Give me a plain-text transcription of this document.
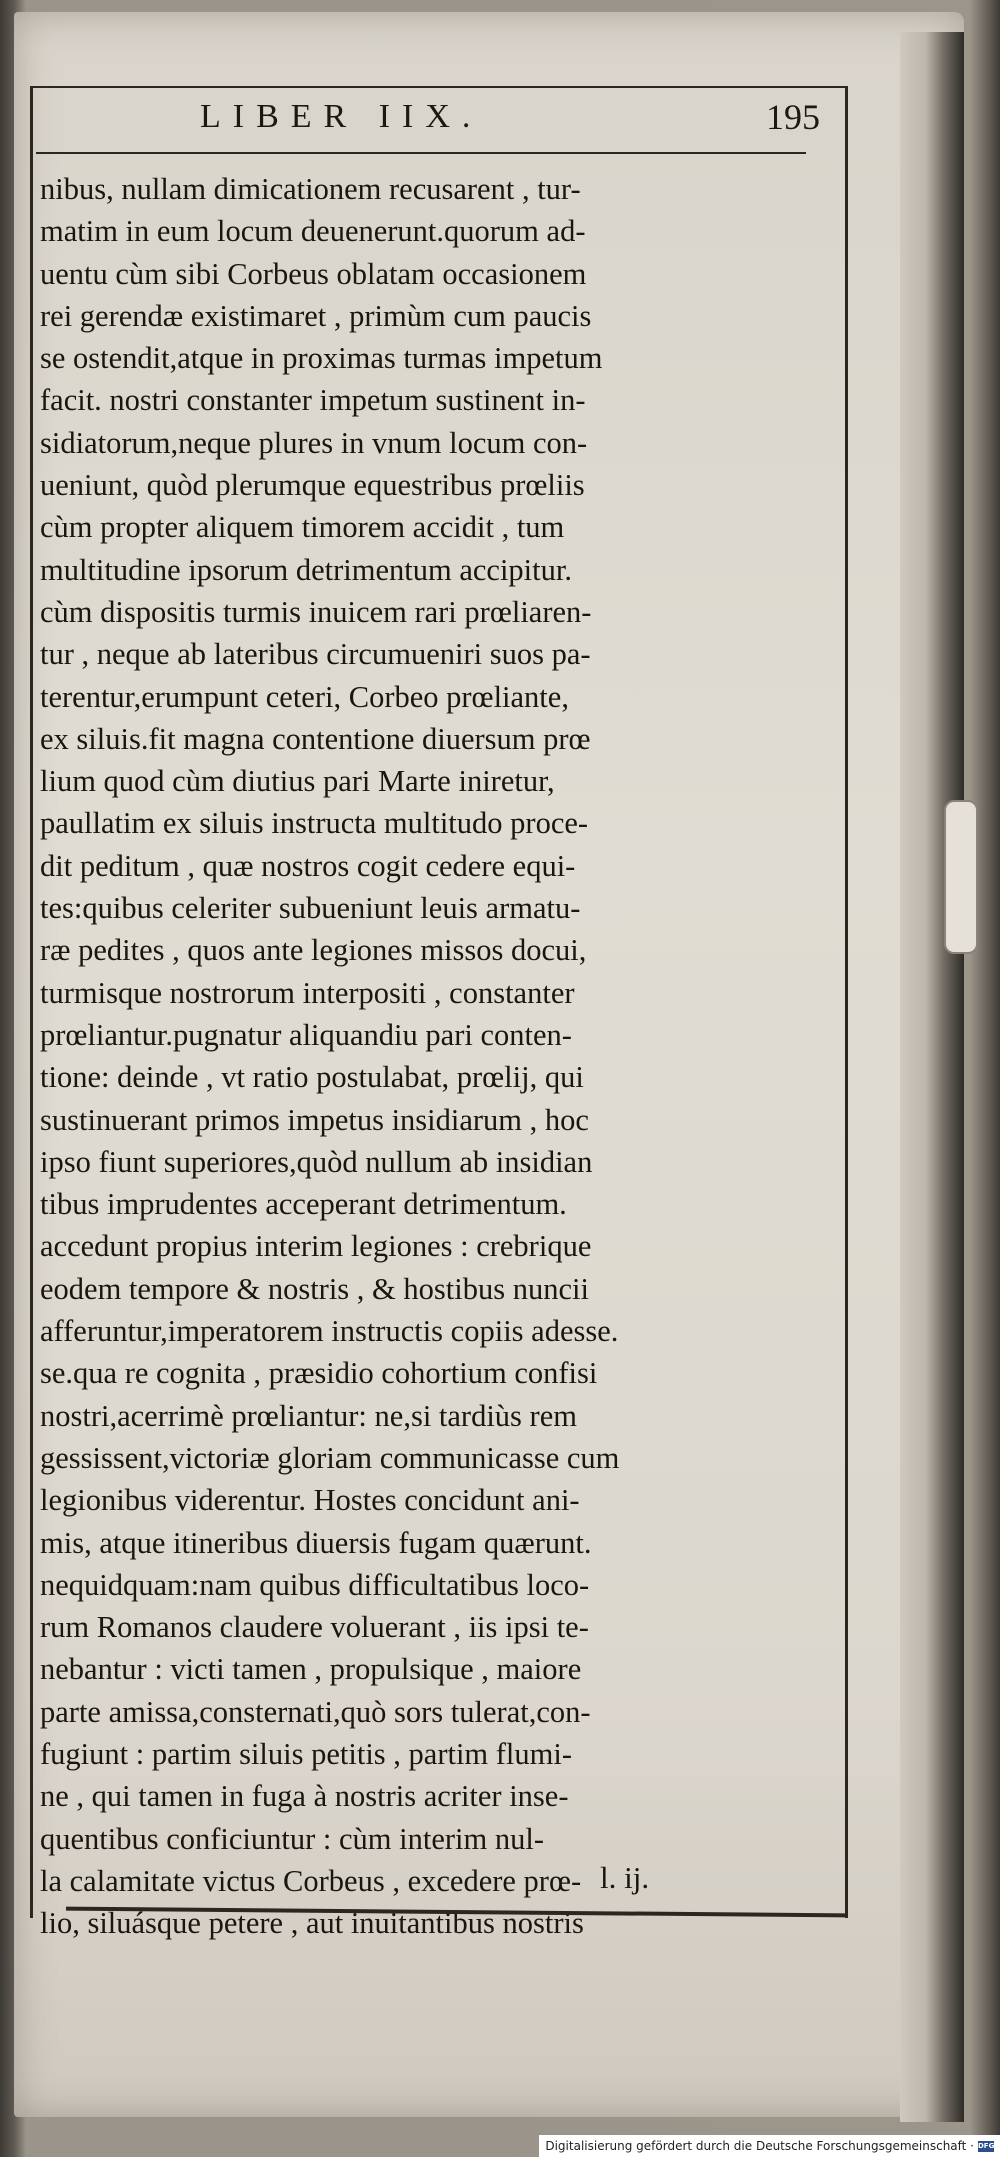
LIBER IIX.	195
nibus, nullam dimicationem recusarent , tur-
matim in eum locum deuenerunt.quorum ad-
uentu cùm sibi Corbeus oblatam occasionem
rei gerendæ existimaret , primùm cum paucis
se ostendit,atque in proximas turmas impetum
facit. nostri constanter impetum sustinent in-
sidiatorum,neque plures in vnum locum con-
ueniunt, quòd plerumque equestribus prœliis
cùm propter aliquem timorem accidit , tum
multitudine ipsorum detrimentum accipitur.
cùm dispositis turmis inuicem rari prœliaren-
tur , neque ab lateribus circumueniri suos pa-
terentur,erumpunt ceteri, Corbeo prœliante,
ex siluis.fit magna contentione diuersum prœ
lium quod cùm diutius pari Marte iniretur,
paullatim ex siluis instructa multitudo proce-
dit peditum , quæ nostros cogit cedere equi-
tes:quibus celeriter subueniunt leuis armatu-
ræ pedites , quos ante legiones missos docui,
turmisque nostrorum interpositi , constanter
prœliantur.pugnatur aliquandiu pari conten-
tione: deinde , vt ratio postulabat, prœlij, qui
sustinuerant primos impetus insidiarum , hoc
ipso fiunt superiores,quòd nullum ab insidian
tibus imprudentes acceperant detrimentum.
accedunt propius interim legiones : crebrique
eodem tempore & nostris , & hostibus nuncii
afferuntur,imperatorem instructis copiis adesse.
se.qua re cognita , præsidio cohortium confisi
nostri,acerrimè prœliantur: ne,si tardiùs rem
gessissent,victoriæ gloriam communicasse cum
legionibus viderentur. Hostes concidunt ani-
mis, atque itineribus diuersis fugam quærunt.
nequidquam:nam quibus difficultatibus loco-
rum Romanos claudere voluerant , iis ipsi te-
nebantur : victi tamen , propulsique , maiore
parte amissa,consternati,quò sors tulerat,con-
fugiunt : partim siluis petitis , partim flumi-
ne , qui tamen in fuga à nostris acriter inse-
quentibus conficiuntur : cùm interim nul-
la calamitate victus Corbeus , excedere prœ-
lio, siluásque petere , aut inuitantibus nostris
l. ij.
Digitalisierung gefördert durch die Deutsche Forschungsgemeinschaft · DFG
